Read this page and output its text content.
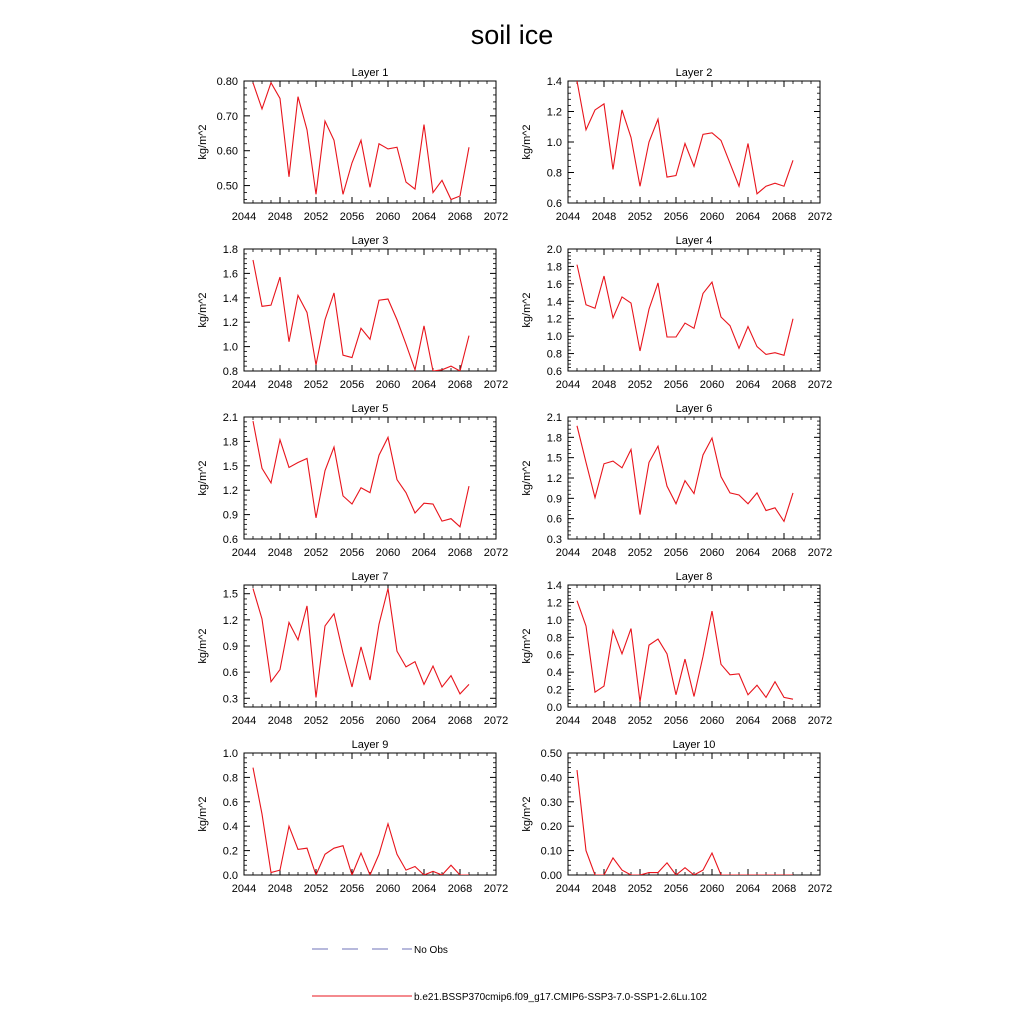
soil ice
Layer 1
2044 2048 2052 2056 2060 2064 2068 2072
0.50
0.60
0.70
0.80
kg/m^2
Layer 2
2044 2048 2052 2056 2060 2064 2068 2072
0.6
0.8
1.0
1.2
1.4
kg/m^2
Layer 3
2044 2048 2052 2056 2060 2064 2068 2072
0.8
1.0
1.2
1.4
1.6
1.8
kg/m^2
Layer 4
2044 2048 2052 2056 2060 2064 2068 2072
0.6
0.8
1.0
1.2
1.4
1.6
1.8
2.0
kg/m^2
Layer 5
2044 2048 2052 2056 2060 2064 2068 2072
0.6
0.9
1.2
1.5
1.8
2.1
kg/m^2
Layer 6
2044 2048 2052 2056 2060 2064 2068 2072
0.3
0.6
0.9
1.2
1.5
1.8
2.1
kg/m^2
Layer 7
2044 2048 2052 2056 2060 2064 2068 2072
0.3
0.6
0.9
1.2
1.5
kg/m^2
Layer 8
2044 2048 2052 2056 2060 2064 2068 2072
0.0
0.2
0.4
0.6
0.8
1.0
1.2
1.4
kg/m^2
Layer 9
2044 2048 2052 2056 2060 2064 2068 2072
0.0
0.2
0.4
0.6
0.8
1.0
kg/m^2
Layer 10
2044 2048 2052 2056 2060 2064 2068 2072
0.00
0.10
0.20
0.30
0.40
0.50
kg/m^2
No Obs
b.e21.BSSP370cmip6.f09_g17.CMIP6-SSP3-7.0-SSP1-2.6Lu.102
